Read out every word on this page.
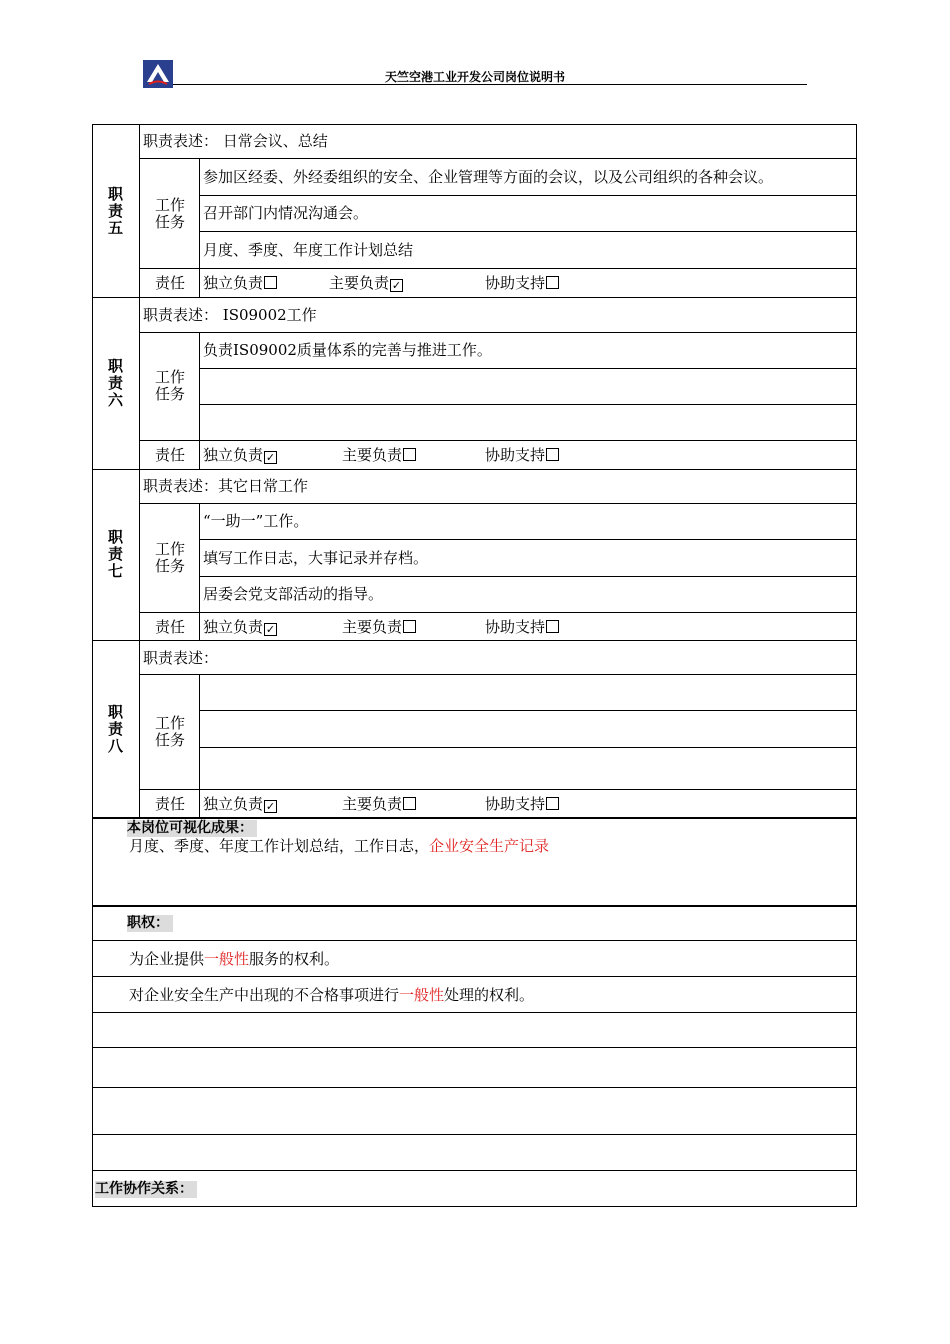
天竺空港工业开发公司岗位说明书
职
责
五
职责表述： 日常会议、总结
工作
任务
参加区经委、外经委组织的安全、企业管理等方面的会议，以及公司组织的各种会议。
召开部门内情况沟通会。
月度、季度、年度工作计划总结
责任 独立负责	主要负责 ✓	协助支持
职
责
六
职责表述： IS09002工作
工作
任务
负责IS09002质量体系的完善与推进工作。
责任 独立负责 ✓	主要负责	协助支持
职
责
七
职责表述：其它日常工作
工作
任务
“一助一”工作。
填写工作日志，大事记录并存档。
居委会党支部活动的指导。
责任 独立负责 ✓	主要负责	协助支持
职
责
八
职责表述：
工作
任务
责任 独立负责 ✓	主要负责	协助支持
本岗位可视化成果：
月度、季度、年度工作计划总结，工作日志，企业安全生产记录
职权：
为企业提供一般性服务的权利。
对企业安全生产中出现的不合格事项进行一般性处理的权利。
工作协作关系：
